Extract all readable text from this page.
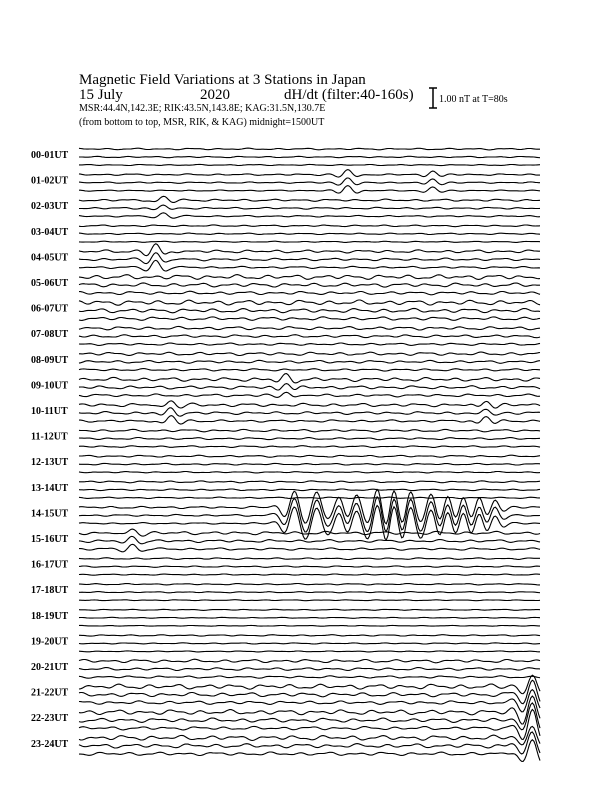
Magnetic Field Variations at 3 Stations in Japan
15 July	2020	dH/dt (filter:40-160s)
MSR:44.4N,142.3E; RIK:43.5N,143.8E; KAG:31.5N,130.7E
(from bottom to top, MSR, RIK, & KAG) midnight=1500UT
1.00 nT at T=80s
00-01UT
01-02UT
02-03UT
03-04UT
04-05UT
05-06UT
06-07UT
07-08UT
08-09UT
09-10UT
10-11UT
11-12UT
12-13UT
13-14UT
14-15UT
15-16UT
16-17UT
17-18UT
18-19UT
19-20UT
20-21UT
21-22UT
22-23UT
23-24UT
